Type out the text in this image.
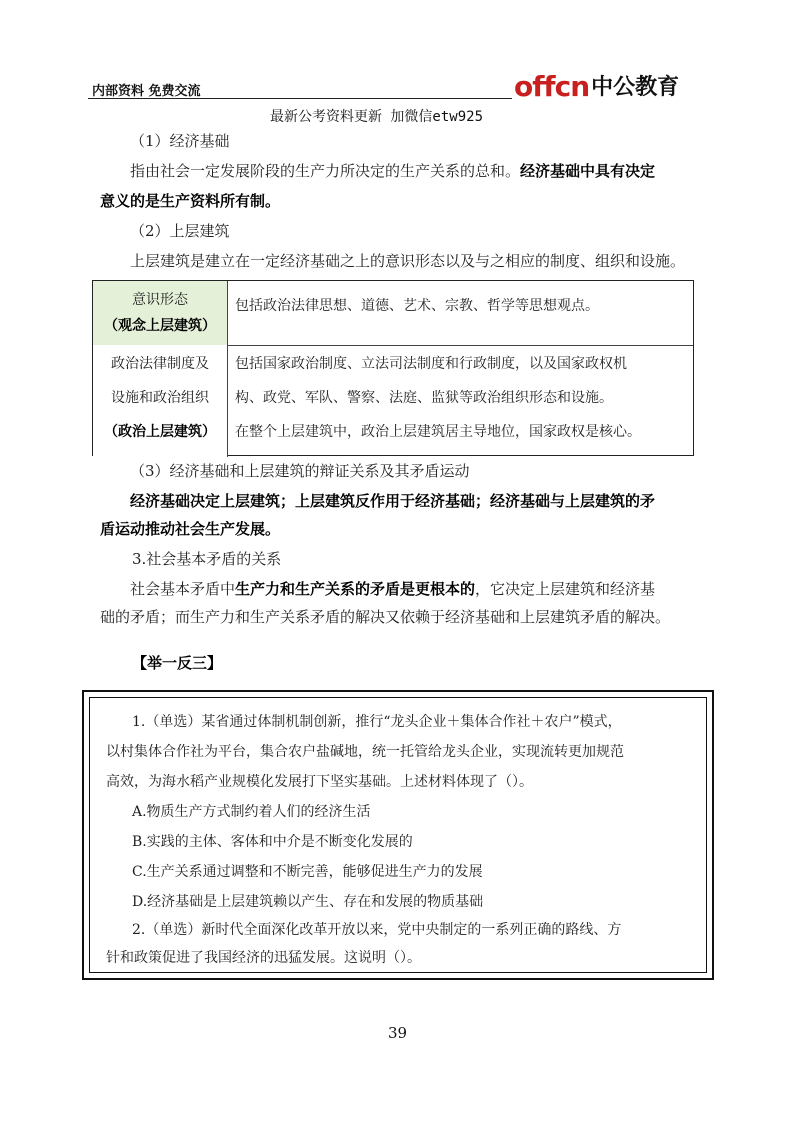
内部资料 免费交流	offcn 中公教育
最新公考资料更新 加微信etw925
（1）经济基础
指由社会一定发展阶段的生产力所决定的生产关系的总和。经济基础中具有决定
意义的是生产资料所有制。
（2）上层建筑
上层建筑是建立在一定经济基础之上的意识形态以及与之相应的制度、组织和设施。
意识形态
（观念上层建筑）
包括政治法律思想、道德、艺术、宗教、哲学等思想观点。
政治法律制度及
设施和政治组织
（政治上层建筑）
包括国家政治制度、立法司法制度和行政制度，以及国家政权机
构、政党、军队、警察、法庭、监狱等政治组织形态和设施。
在整个上层建筑中，政治上层建筑居主导地位，国家政权是核心。
（3）经济基础和上层建筑的辩证关系及其矛盾运动
经济基础决定上层建筑；上层建筑反作用于经济基础；经济基础与上层建筑的矛
盾运动推动社会生产发展。
3.社会基本矛盾的关系
社会基本矛盾中生产力和生产关系的矛盾是更根本的，它决定上层建筑和经济基
础的矛盾；而生产力和生产关系矛盾的解决又依赖于经济基础和上层建筑矛盾的解决。
【举一反三】
1.（单选）某省通过体制机制创新，推行“龙头企业＋集体合作社＋农户”模式，
以村集体合作社为平台，集合农户盐碱地，统一托管给龙头企业，实现流转更加规范
高效，为海水稻产业规模化发展打下坚实基础。上述材料体现了（）。
A.物质生产方式制约着人们的经济生活
B.实践的主体、客体和中介是不断变化发展的
C.生产关系通过调整和不断完善，能够促进生产力的发展
D.经济基础是上层建筑赖以产生、存在和发展的物质基础
2.（单选）新时代全面深化改革开放以来，党中央制定的一系列正确的路线、方
针和政策促进了我国经济的迅猛发展。这说明（）。
39
